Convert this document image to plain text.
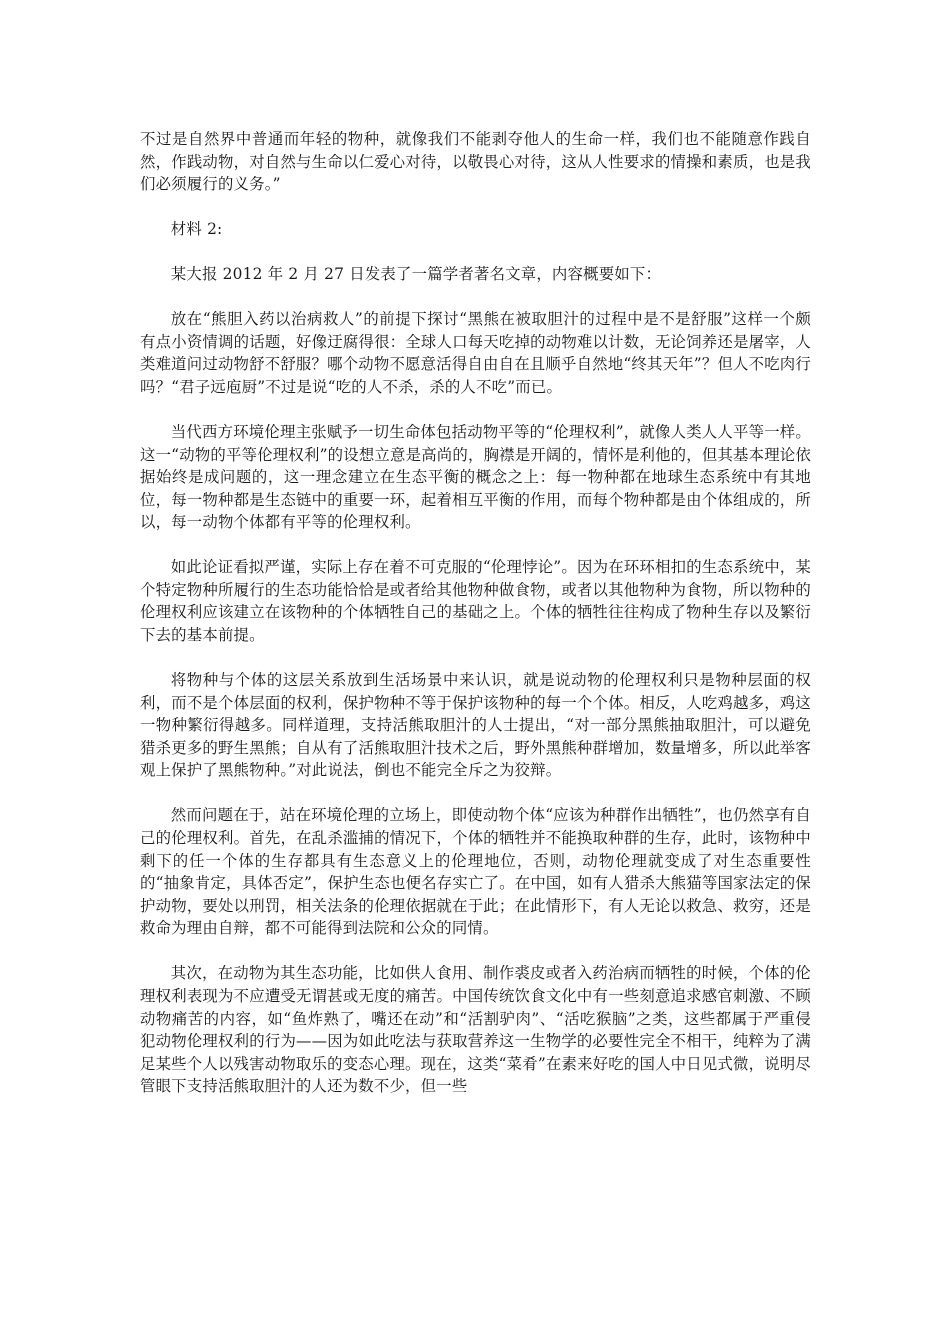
不过是自然界中普通而年轻的物种，就像我们不能剥夺他人的生命一样，我们也不能随意作践自然，作践动物，对自然与生命以仁爱心对待，以敬畏心对待，这从人性要求的情操和素质，也是我们必须履行的义务。”

材料 2:

某大报 2012 年 2 月 27 日发表了一篇学者著名文章，内容概要如下：

放在“熊胆入药以治病救人”的前提下探讨“黑熊在被取胆汁的过程中是不是舒服”这样一个颇有点小资情调的话题，好像迂腐得很：全球人口每天吃掉的动物难以计数，无论饲养还是屠宰，人类难道问过动物舒不舒服？哪个动物不愿意活得自由自在且顺乎自然地“终其天年”？但人不吃肉行吗？“君子远庖厨”不过是说“吃的人不杀，杀的人不吃”而已。

当代西方环境伦理主张赋予一切生命体包括动物平等的“伦理权利”，就像人类人人平等一样。这一“动物的平等伦理权利”的设想立意是高尚的，胸襟是开阔的，情怀是利他的，但其基本理论依据始终是成问题的，这一理念建立在生态平衡的概念之上：每一物种都在地球生态系统中有其地位，每一物种都是生态链中的重要一环，起着相互平衡的作用，而每个物种都是由个体组成的，所以，每一动物个体都有平等的伦理权利。

如此论证看拟严谨，实际上存在着不可克服的“伦理悖论”。因为在环环相扣的生态系统中，某个特定物种所履行的生态功能恰恰是或者给其他物种做食物，或者以其他物种为食物，所以物种的伦理权利应该建立在该物种的个体牺牲自己的基础之上。个体的牺牲往往构成了物种生存以及繁衍下去的基本前提。

将物种与个体的这层关系放到生活场景中来认识，就是说动物的伦理权利只是物种层面的权利，而不是个体层面的权利，保护物种不等于保护该物种的每一个个体。相反，人吃鸡越多，鸡这一物种繁衍得越多。同样道理，支持活熊取胆汁的人士提出，“对一部分黑熊抽取胆汁，可以避免猎杀更多的野生黑熊；自从有了活熊取胆汁技术之后，野外黑熊种群增加，数量增多，所以此举客观上保护了黑熊物种。”对此说法，倒也不能完全斥之为狡辩。

然而问题在于，站在环境伦理的立场上，即使动物个体“应该为种群作出牺牲”，也仍然享有自己的伦理权利。首先，在乱杀滥捕的情况下，个体的牺牲并不能换取种群的生存，此时，该物种中剩下的任一个体的生存都具有生态意义上的伦理地位，否则，动物伦理就变成了对生态重要性的“抽象肯定，具体否定”，保护生态也便名存实亡了。在中国，如有人猎杀大熊猫等国家法定的保护动物，要处以刑罚，相关法条的伦理依据就在于此；在此情形下，有人无论以救急、救穷，还是救命为理由自辩，都不可能得到法院和公众的同情。

其次，在动物为其生态功能，比如供人食用、制作裘皮或者入药治病而牺牲的时候，个体的伦理权利表现为不应遭受无谓甚或无度的痛苦。中国传统饮食文化中有一些刻意追求感官刺激、不顾动物痛苦的内容，如“鱼炸熟了，嘴还在动”和“活割驴肉”、“活吃猴脑”之类，这些都属于严重侵犯动物伦理权利的行为——因为如此吃法与获取营养这一生物学的必要性完全不相干，纯粹为了满足某些个人以残害动物取乐的变态心理。现在，这类“菜肴”在素来好吃的国人中日见式微，说明尽管眼下支持活熊取胆汁的人还为数不少，但一些
